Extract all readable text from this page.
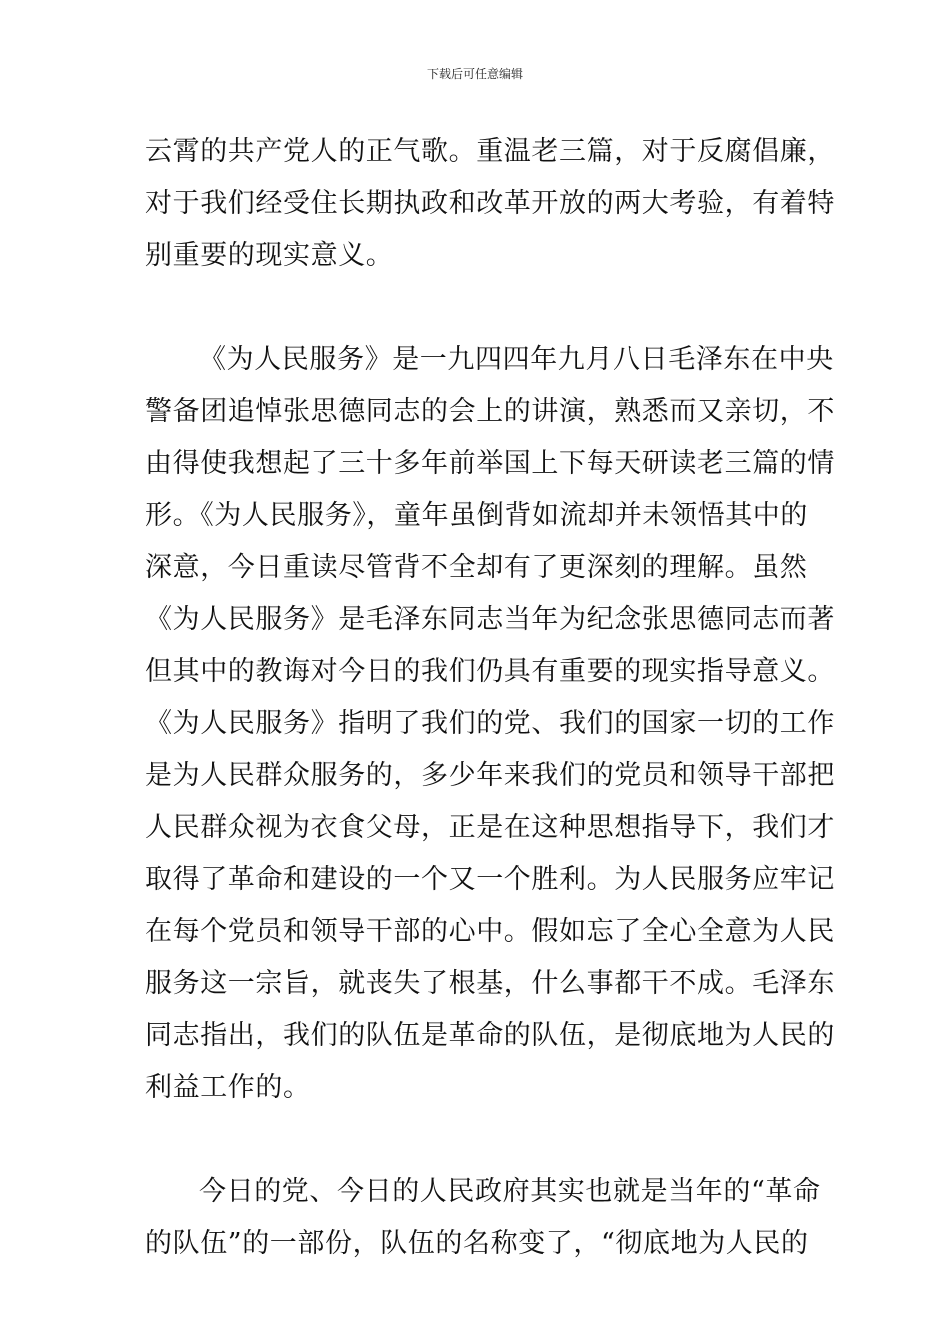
下载后可任意编辑
云霄的共产党人的正气歌。重温老三篇，对于反腐倡廉，
对于我们经受住长期执政和改革开放的两大考验，有着特
别重要的现实意义。
《为人民服务》是一九四四年九月八日毛泽东在中央
警备团追悼张思德同志的会上的讲演，熟悉而又亲切，不
由得使我想起了三十多年前举国上下每天研读老三篇的情
形。《为人民服务》，童年虽倒背如流却并未领悟其中的
深意，今日重读尽管背不全却有了更深刻的理解。虽然
《为人民服务》是毛泽东同志当年为纪念张思德同志而著
但其中的教诲对今日的我们仍具有重要的现实指导意义。
《为人民服务》指明了我们的党、我们的国家一切的工作
是为人民群众服务的，多少年来我们的党员和领导干部把
人民群众视为衣食父母，正是在这种思想指导下，我们才
取得了革命和建设的一个又一个胜利。为人民服务应牢记
在每个党员和领导干部的心中。假如忘了全心全意为人民
服务这一宗旨，就丧失了根基，什么事都干不成。毛泽东
同志指出，我们的队伍是革命的队伍，是彻底地为人民的
利益工作的。
今日的党、今日的人民政府其实也就是当年的“革命
的队伍”的一部份，队伍的名称变了，“彻底地为人民的
